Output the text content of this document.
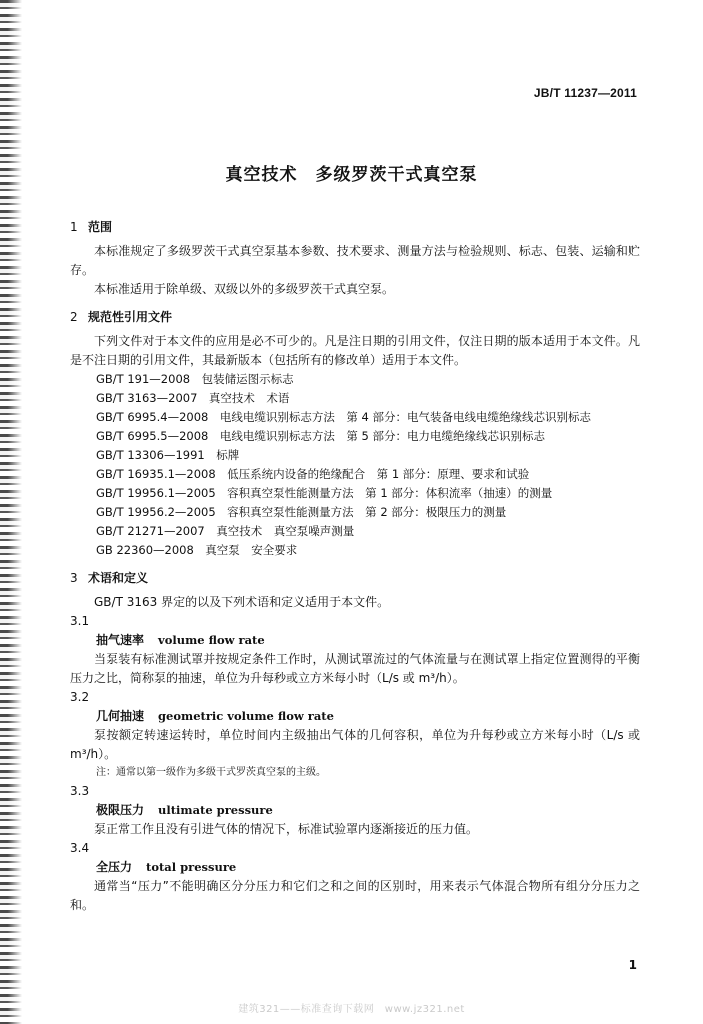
JB/T 11237—2011
真空技术　多级罗茨干式真空泵

1 范围

本标准规定了多级罗茨干式真空泵基本参数、技术要求、测量方法与检验规则、标志、包装、运输和贮存。

本标准适用于除单级、双级以外的多级罗茨干式真空泵。

2 规范性引用文件

下列文件对于本文件的应用是必不可少的。凡是注日期的引用文件，仅注日期的版本适用于本文件。凡是不注日期的引用文件，其最新版本（包括所有的修改单）适用于本文件。

GB/T 191—2008　包装储运图示标志

GB/T 3163—2007　真空技术　术语

GB/T 6995.4—2008　电线电缆识别标志方法　第 4 部分：电气装备电线电缆绝缘线芯识别标志

GB/T 6995.5—2008　电线电缆识别标志方法　第 5 部分：电力电缆绝缘线芯识别标志

GB/T 13306—1991　标牌

GB/T 16935.1—2008　低压系统内设备的绝缘配合　第 1 部分：原理、要求和试验

GB/T 19956.1—2005　容积真空泵性能测量方法　第 1 部分：体积流率（抽速）的测量

GB/T 19956.2—2005　容积真空泵性能测量方法　第 2 部分：极限压力的测量

GB/T 21271—2007　真空技术　真空泵噪声测量

GB 22360—2008　真空泵　安全要求

3 术语和定义

GB/T 3163 界定的以及下列术语和定义适用于本文件。

3.1

抽气速率 volume flow rate

当泵装有标准测试罩并按规定条件工作时，从测试罩流过的气体流量与在测试罩上指定位置测得的平衡压力之比，简称泵的抽速，单位为升每秒或立方米每小时（L/s 或 m³/h）。

3.2

几何抽速 geometric volume flow rate

泵按额定转速运转时，单位时间内主级抽出气体的几何容积，单位为升每秒或立方米每小时（L/s 或 m³/h）。

注：通常以第一级作为多级干式罗茨真空泵的主级。

3.3

极限压力 ultimate pressure

泵正常工作且没有引进气体的情况下，标准试验罩内逐渐接近的压力值。

3.4

全压力 total pressure

通常当“压力”不能明确区分分压力和它们之和之间的区别时，用来表示气体混合物所有组分分压力之和。

1
建筑321——标准查询下载网　www.jz321.net
